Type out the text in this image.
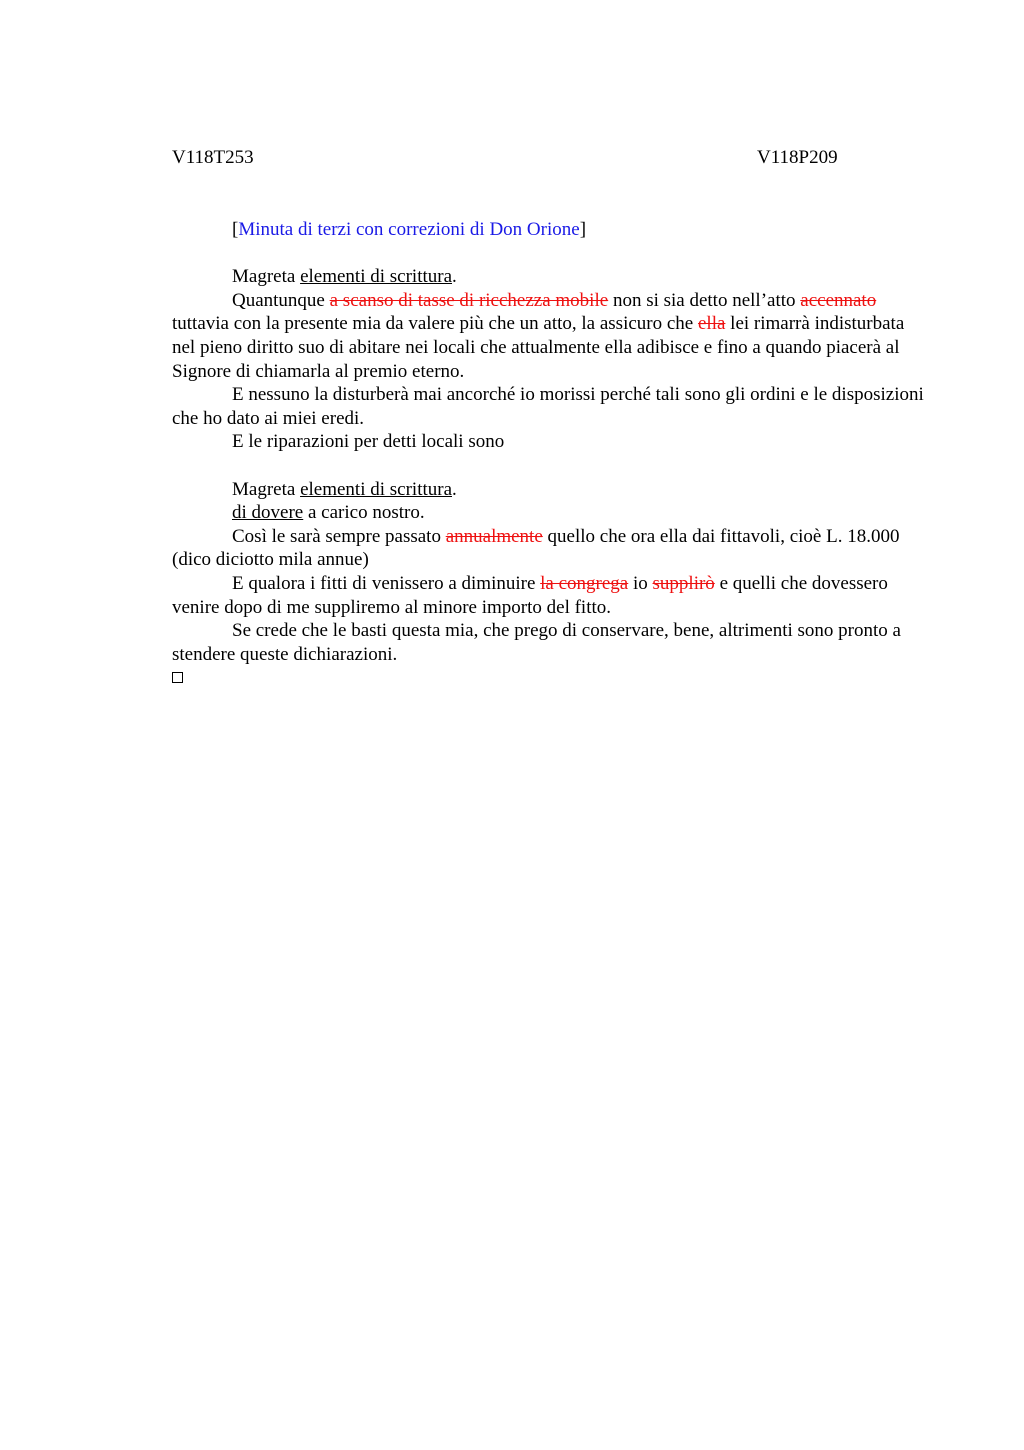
V118T253	V118P209

[Minuta di terzi con correzioni di Don Orione]

Magreta elementi di scrittura.

Quantunque a scanso di tasse di ricchezza mobile non si sia detto nell’atto accennato tuttavia con la presente mia da valere più che un atto, la assicuro che ella lei rimarrà indisturbata nel pieno diritto suo di abitare nei locali che attualmente ella adibisce e fino a quando piacerà al Signore di chiamarla al premio eterno.

E nessuno la disturberà mai ancorché io morissi perché tali sono gli ordini e le disposizioni che ho dato ai miei eredi.

E le riparazioni per detti locali sono

Magreta elementi di scrittura.

di dovere a carico nostro.

Così le sarà sempre passato annualmente quello che ora ella dai fittavoli, cioè L. 18.000 (dico diciotto mila annue)

E qualora i fitti di venissero a diminuire la congrega io supplirò e quelli che dovessero venire dopo di me suppliremo al minore importo del fitto.

Se crede che le basti questa mia, che prego di conservare, bene, altrimenti sono pronto a stendere queste dichiarazioni.
